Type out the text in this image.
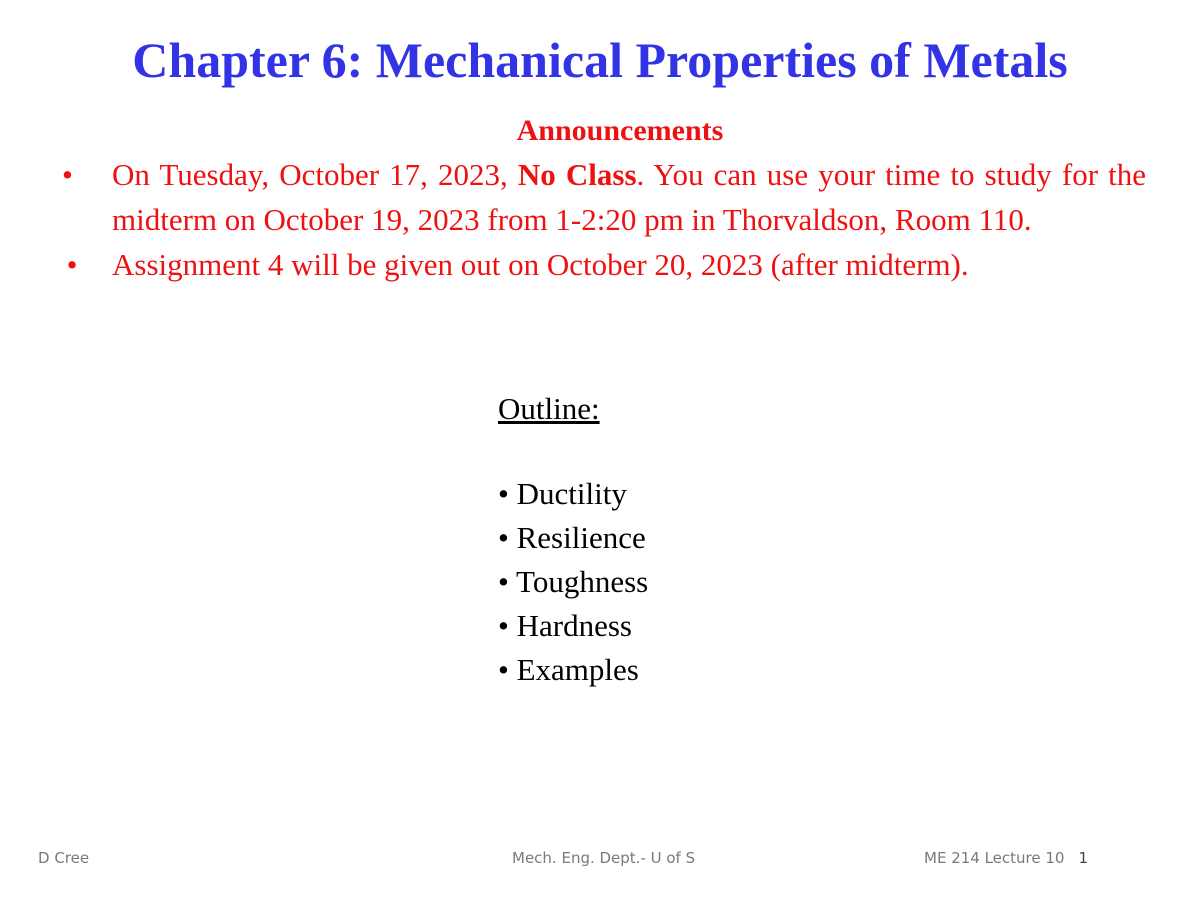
Chapter 6: Mechanical Properties of Metals
Announcements
• On Tuesday, October 17, 2023, No Class. You can use your time to study for the midterm on October 19, 2023 from 1-2:20 pm in Thorvaldson, Room 110.
• Assignment 4 will be given out on October 20, 2023 (after midterm).
Outline:
• Ductility
• Resilience
• Toughness
• Hardness
• Examples
D Cree	Mech. Eng. Dept.- U of S	ME 214 Lecture 10 1
